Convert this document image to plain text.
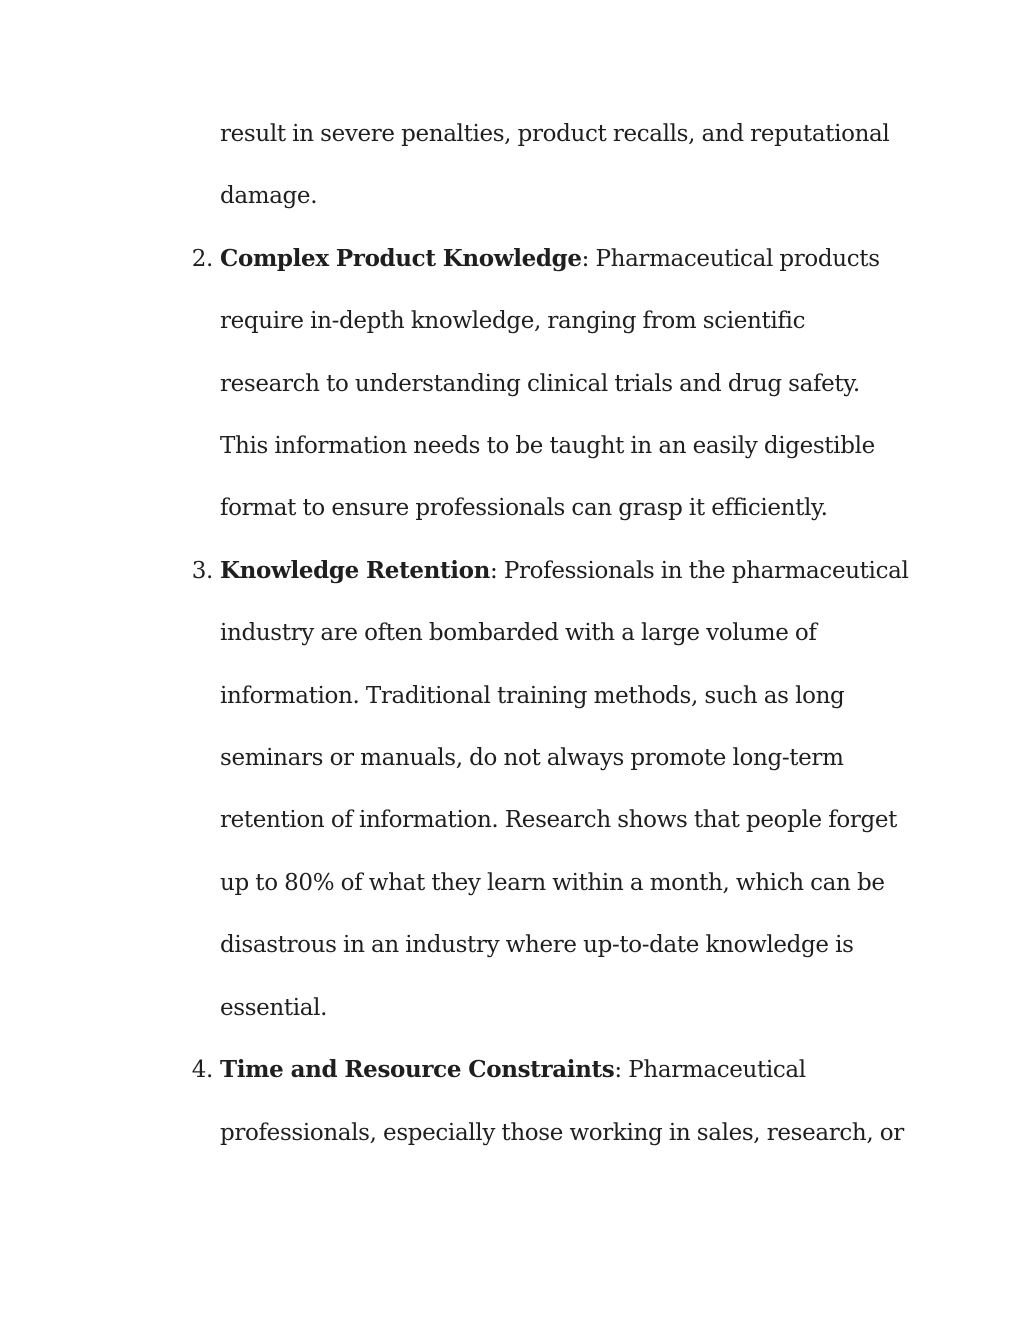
result in severe penalties, product recalls, and reputational damage.
2. Complex Product Knowledge: Pharmaceutical products require in-depth knowledge, ranging from scientific research to understanding clinical trials and drug safety. This information needs to be taught in an easily digestible format to ensure professionals can grasp it efficiently.
3. Knowledge Retention: Professionals in the pharmaceutical industry are often bombarded with a large volume of information. Traditional training methods, such as long seminars or manuals, do not always promote long-term retention of information. Research shows that people forget up to 80% of what they learn within a month, which can be disastrous in an industry where up-to-date knowledge is essential.
4. Time and Resource Constraints: Pharmaceutical professionals, especially those working in sales, research, or
